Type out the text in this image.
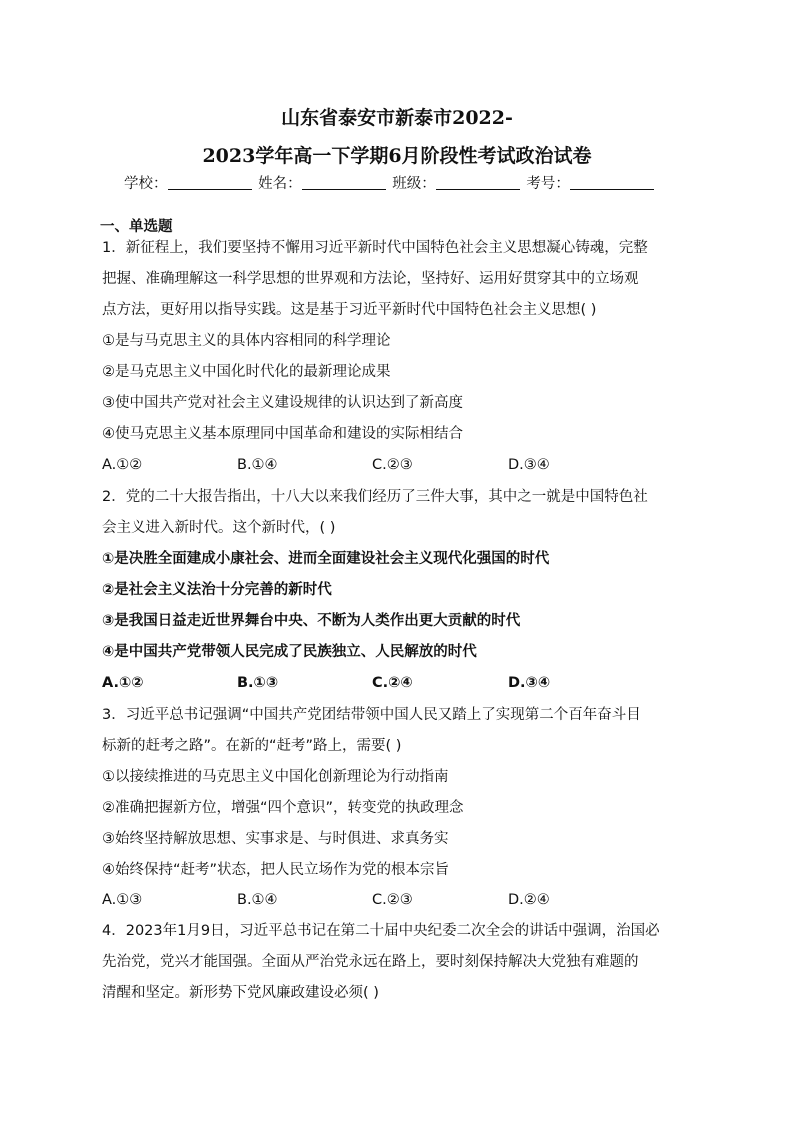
山东省泰安市新泰市2022-
2023学年高一下学期6月阶段性考试政治试卷
学校：	姓名：	班级：	考号：
一、单选题

1．新征程上，我们要坚持不懈用习近平新时代中国特色社会主义思想凝心铸魂，完整

把握、准确理解这一科学思想的世界观和方法论，坚持好、运用好贯穿其中的立场观

点方法，更好用以指导实践。这是基于习近平新时代中国特色社会主义思想( )

①是与马克思主义的具体内容相同的科学理论

②是马克思主义中国化时代化的最新理论成果

③使中国共产党对社会主义建设规律的认识达到了新高度

④使马克思主义基本原理同中国革命和建设的实际相结合

A.①②	B.①④	C.②③	D.③④

2．党的二十大报告指出，十八大以来我们经历了三件大事，其中之一就是中国特色社

会主义进入新时代。这个新时代，( )

①是决胜全面建成小康社会、进而全面建设社会主义现代化强国的时代

②是社会主义法治十分完善的新时代

③是我国日益走近世界舞台中央、不断为人类作出更大贡献的时代

④是中国共产党带领人民完成了民族独立、人民解放的时代

A.①②	B.①③	C.②④	D.③④

3．习近平总书记强调“中国共产党团结带领中国人民又踏上了实现第二个百年奋斗目

标新的赶考之路”。在新的“赶考”路上，需要( )

①以接续推进的马克思主义中国化创新理论为行动指南

②准确把握新方位，增强“四个意识”，转变党的执政理念

③始终坚持解放思想、实事求是、与时俱进、求真务实

④始终保持“赶考”状态，把人民立场作为党的根本宗旨

A.①③	B.①④	C.②③	D.②④

4．2023年1月9日，习近平总书记在第二十届中央纪委二次全会的讲话中强调，治国必

先治党，党兴才能国强。全面从严治党永远在路上，要时刻保持解决大党独有难题的

清醒和坚定。新形势下党风廉政建设必须( )
